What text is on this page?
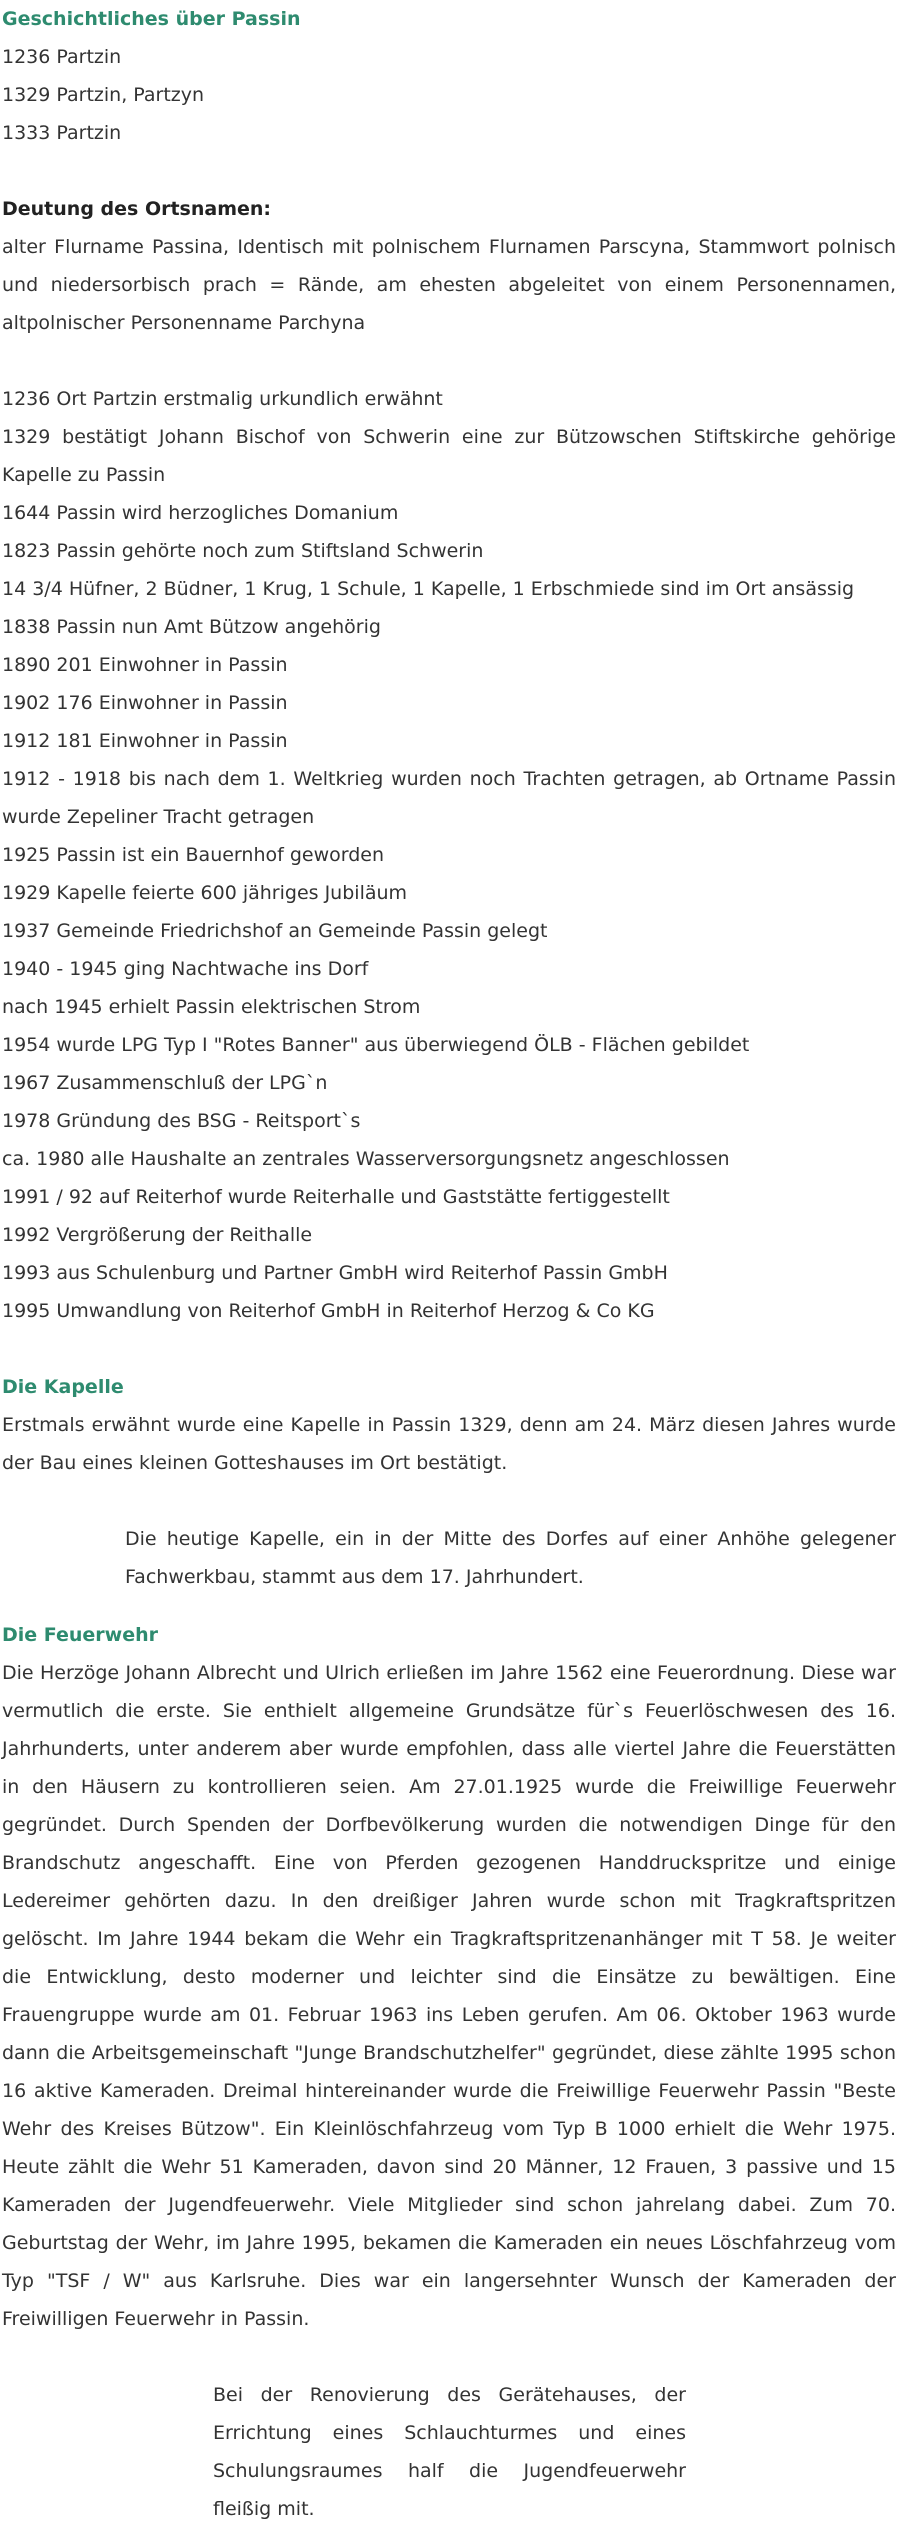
Geschichtliches über Passin

1236 Partzin

1329 Partzin, Partzyn

1333 Partzin

Deutung des Ortsnamen:

alter Flurname Passina, Identisch mit polnischem Flurnamen Parscyna, Stammwort polnisch und niedersorbisch prach = Rände, am ehesten abgeleitet von einem Personennamen, altpolnischer Personenname Parchyna

1236 Ort Partzin erstmalig urkundlich erwähnt

1329 bestätigt Johann Bischof von Schwerin eine zur Bützowschen Stiftskirche gehörige Kapelle zu Passin

1644 Passin wird herzogliches Domanium

1823 Passin gehörte noch zum Stiftsland Schwerin

14 3/4 Hüfner, 2 Büdner, 1 Krug, 1 Schule, 1 Kapelle, 1 Erbschmiede sind im Ort ansässig

1838 Passin nun Amt Bützow angehörig

1890 201 Einwohner in Passin

1902 176 Einwohner in Passin

1912 181 Einwohner in Passin

1912 - 1918 bis nach dem 1. Weltkrieg wurden noch Trachten getragen, ab Ortname Passin wurde Zepeliner Tracht getragen

1925 Passin ist ein Bauernhof geworden

1929 Kapelle feierte 600 jähriges Jubiläum

1937 Gemeinde Friedrichshof an Gemeinde Passin gelegt

1940 - 1945 ging Nachtwache ins Dorf

nach 1945 erhielt Passin elektrischen Strom

1954 wurde LPG Typ I "Rotes Banner" aus überwiegend ÖLB - Flächen gebildet

1967 Zusammenschluß der LPG`n

1978 Gründung des BSG - Reitsport`s

ca. 1980 alle Haushalte an zentrales Wasserversorgungsnetz angeschlossen

1991 / 92 auf Reiterhof wurde Reiterhalle und Gaststätte fertiggestellt

1992 Vergrößerung der Reithalle

1993 aus Schulenburg und Partner GmbH wird Reiterhof Passin GmbH

1995 Umwandlung von Reiterhof GmbH in Reiterhof Herzog & Co KG

Die Kapelle

Erstmals erwähnt wurde eine Kapelle in Passin 1329, denn am 24. März diesen Jahres wurde der Bau eines kleinen Gotteshauses im Ort bestätigt.

Die heutige Kapelle, ein in der Mitte des Dorfes auf einer Anhöhe gelegener Fachwerkbau, stammt aus dem 17. Jahrhundert.
Die Feuerwehr

Die Herzöge Johann Albrecht und Ulrich erließen im Jahre 1562 eine Feuerordnung. Diese war vermutlich die erste. Sie enthielt allgemeine Grundsätze für`s Feuerlöschwesen des 16. Jahrhunderts, unter anderem aber wurde empfohlen, dass alle viertel Jahre die Feuerstätten in den Häusern zu kontrollieren seien. Am 27.01.1925 wurde die Freiwillige Feuerwehr gegründet. Durch Spenden der Dorfbevölkerung wurden die notwendigen Dinge für den Brandschutz angeschafft. Eine von Pferden gezogenen Handdruckspritze und einige Ledereimer gehörten dazu. In den dreißiger Jahren wurde schon mit Tragkraftspritzen gelöscht. Im Jahre 1944 bekam die Wehr ein Tragkraftspritzenanhänger mit T 58. Je weiter die Entwicklung, desto moderner und leichter sind die Einsätze zu bewältigen. Eine Frauengruppe wurde am 01. Februar 1963 ins Leben gerufen. Am 06. Oktober 1963 wurde dann die Arbeitsgemeinschaft "Junge Brandschutzhelfer" gegründet, diese zählte 1995 schon 16 aktive Kameraden. Dreimal hintereinander wurde die Freiwillige Feuerwehr Passin "Beste Wehr des Kreises Bützow". Ein Kleinlöschfahrzeug vom Typ B 1000 erhielt die Wehr 1975. Heute zählt die Wehr 51 Kameraden, davon sind 20 Männer, 12 Frauen, 3 passive und 15 Kameraden der Jugendfeuerwehr. Viele Mitglieder sind schon jahrelang dabei. Zum 70. Geburtstag der Wehr, im Jahre 1995, bekamen die Kameraden ein neues Löschfahrzeug vom Typ "TSF / W" aus Karlsruhe. Dies war ein langersehnter Wunsch der Kameraden der Freiwilligen Feuerwehr in Passin.

Bei der Renovierung des Gerätehauses, der Errichtung eines Schlauchturmes und eines Schulungsraumes half die Jugendfeuerwehr fleißig mit.
